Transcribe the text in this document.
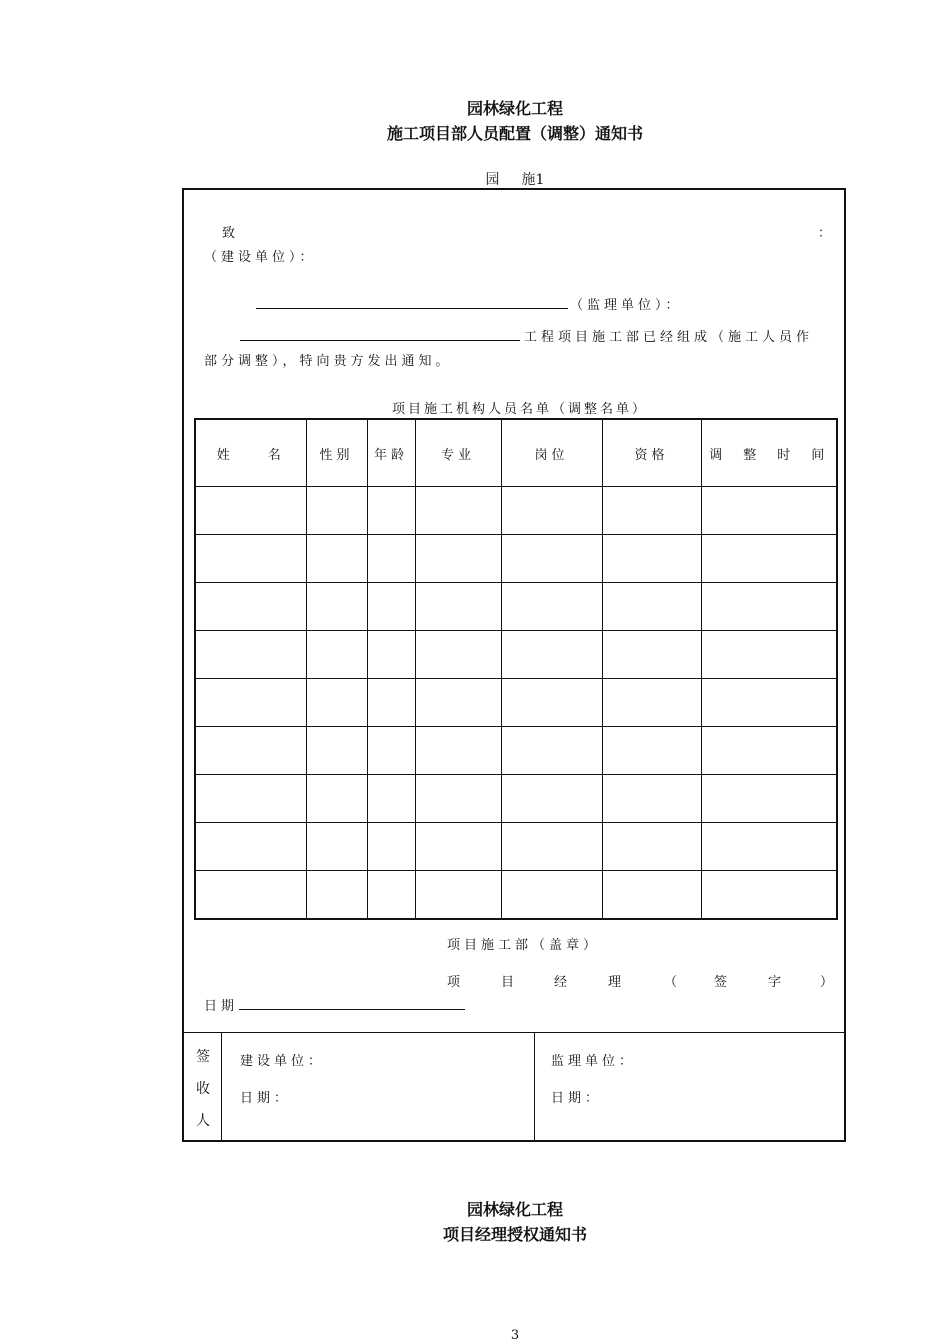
园林绿化工程
施工项目部人员配置（调整）通知书
园 施1
致	：
（建设单位）：
（监理单位）：
工程项目施工部已经组成（施工人员作
部分调整），特向贵方发出通知。
项目施工机构人员名单（调整名单）
姓　　名	性别	年龄	专业	岗位	资格	调　整　时　间

项目施工部（盖章）
项	目	经	理	（	签	字	）
日期
签
收
人
建设单位：
日期：
监理单位：
日期：
园林绿化工程
项目经理授权通知书
3
